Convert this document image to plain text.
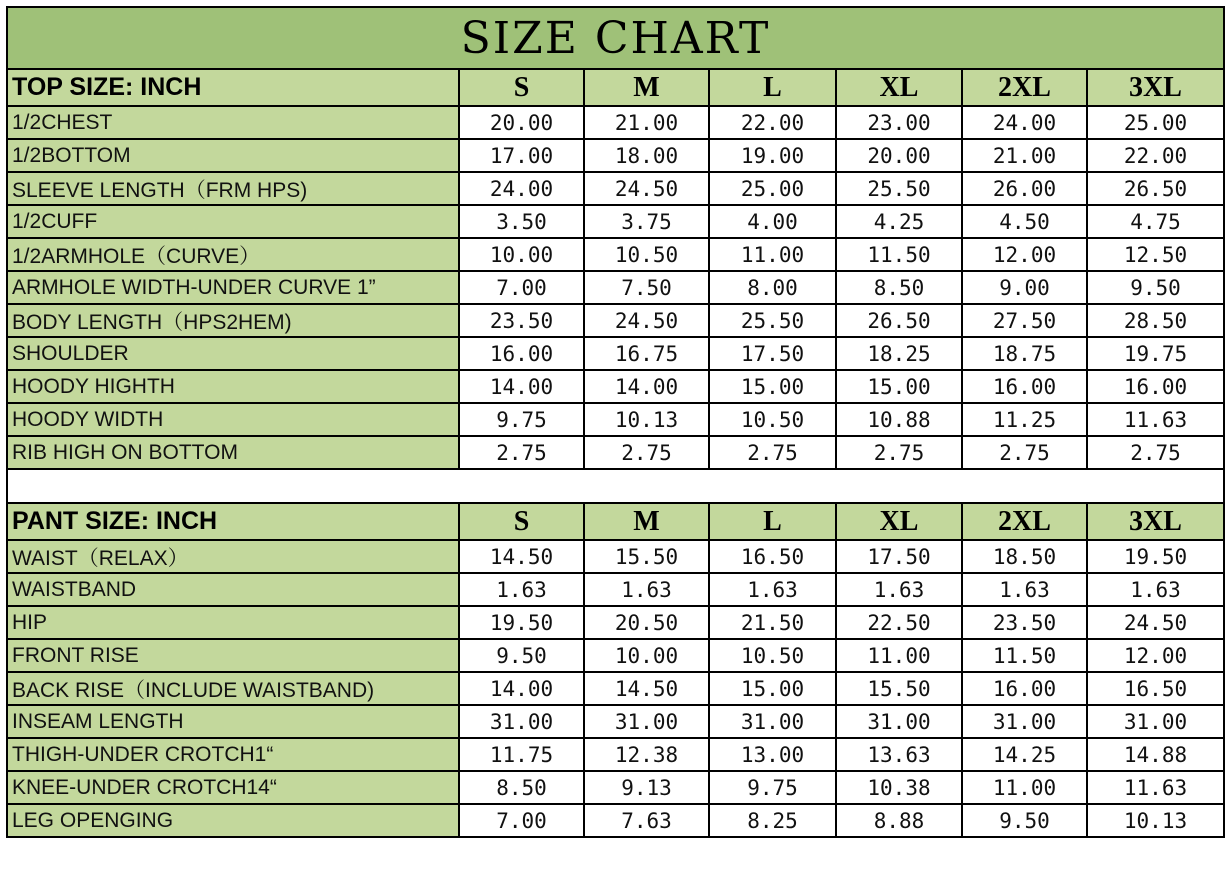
SIZE CHART						
TOP SIZE: INCH	S	M	L	XL	2XL	3XL
1/2CHEST	20.00	21.00	22.00	23.00	24.00	25.00
1/2BOTTOM	17.00	18.00	19.00	20.00	21.00	22.00
SLEEVE LENGTH（FRM HPS)	24.00	24.50	25.00	25.50	26.00	26.50
1/2CUFF	3.50	3.75	4.00	4.25	4.50	4.75
1/2ARMHOLE（CURVE）	10.00	10.50	11.00	11.50	12.00	12.50
ARMHOLE WIDTH-UNDER CURVE 1”	7.00	7.50	8.00	8.50	9.00	9.50
BODY LENGTH（HPS2HEM)	23.50	24.50	25.50	26.50	27.50	28.50
SHOULDER	16.00	16.75	17.50	18.25	18.75	19.75
HOODY HIGHTH	14.00	14.00	15.00	15.00	16.00	16.00
HOODY WIDTH	9.75	10.13	10.50	10.88	11.25	11.63
RIB HIGH ON BOTTOM	2.75	2.75	2.75	2.75	2.75	2.75

PANT SIZE: INCH	S	M	L	XL	2XL	3XL
WAIST（RELAX）	14.50	15.50	16.50	17.50	18.50	19.50
WAISTBAND	1.63	1.63	1.63	1.63	1.63	1.63
HIP	19.50	20.50	21.50	22.50	23.50	24.50
FRONT RISE	9.50	10.00	10.50	11.00	11.50	12.00
BACK RISE（INCLUDE WAISTBAND)	14.00	14.50	15.00	15.50	16.00	16.50
INSEAM LENGTH	31.00	31.00	31.00	31.00	31.00	31.00
THIGH-UNDER CROTCH1“	11.75	12.38	13.00	13.63	14.25	14.88
KNEE-UNDER CROTCH14“	8.50	9.13	9.75	10.38	11.00	11.63
LEG OPENGING	7.00	7.63	8.25	8.88	9.50	10.13
